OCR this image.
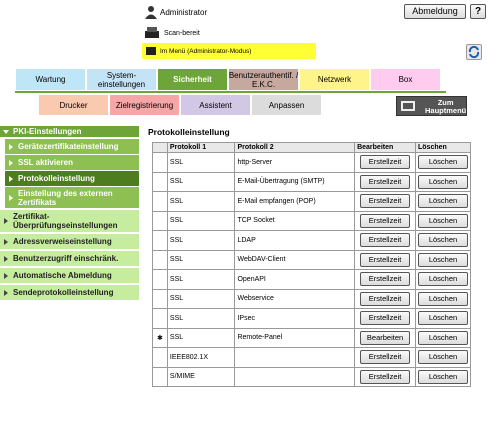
Administrator	Abmeldung	?
Scan-bereit
Im Menü (Administrator-Modus)
Wartung	System-
einstellungen	Sicherheit	Benutzerauthentif. /
E.K.C.	Netzwerk	Box
Drucker	Zielregistrierung	Assistent	Anpassen	Zum
Hauptmenü
PKI-Einstellungen
Gerätezertifikateinstellung
SSL aktivieren
Protokolleinstellung
Einstellung des externen Zertifikats
Zertifikat-
Überprüfungseinstellungen
Adressverweiseinstellung
Benutzerzugriff einschränk.
Automatische Abmeldung
Sendeprotokolleinstellung
Protokolleinstellung
	Protokoll 1	Protokoll 2	Bearbeiten	Löschen
	SSL	http-Server	Erstellzeit	Löschen
	SSL	E-Mail-Übertragung (SMTP)	Erstellzeit	Löschen
	SSL	E-Mail empfangen (POP)	Erstellzeit	Löschen
	SSL	TCP Socket	Erstellzeit	Löschen
	SSL	LDAP	Erstellzeit	Löschen
	SSL	WebDAV-Client	Erstellzeit	Löschen
	SSL	OpenAPI	Erstellzeit	Löschen
	SSL	Webservice	Erstellzeit	Löschen
	SSL	IPsec	Erstellzeit	Löschen
✱	SSL	Remote-Panel	Bearbeiten	Löschen
	IEEE802.1X		Erstellzeit	Löschen
	S/MIME		Erstellzeit	Löschen
